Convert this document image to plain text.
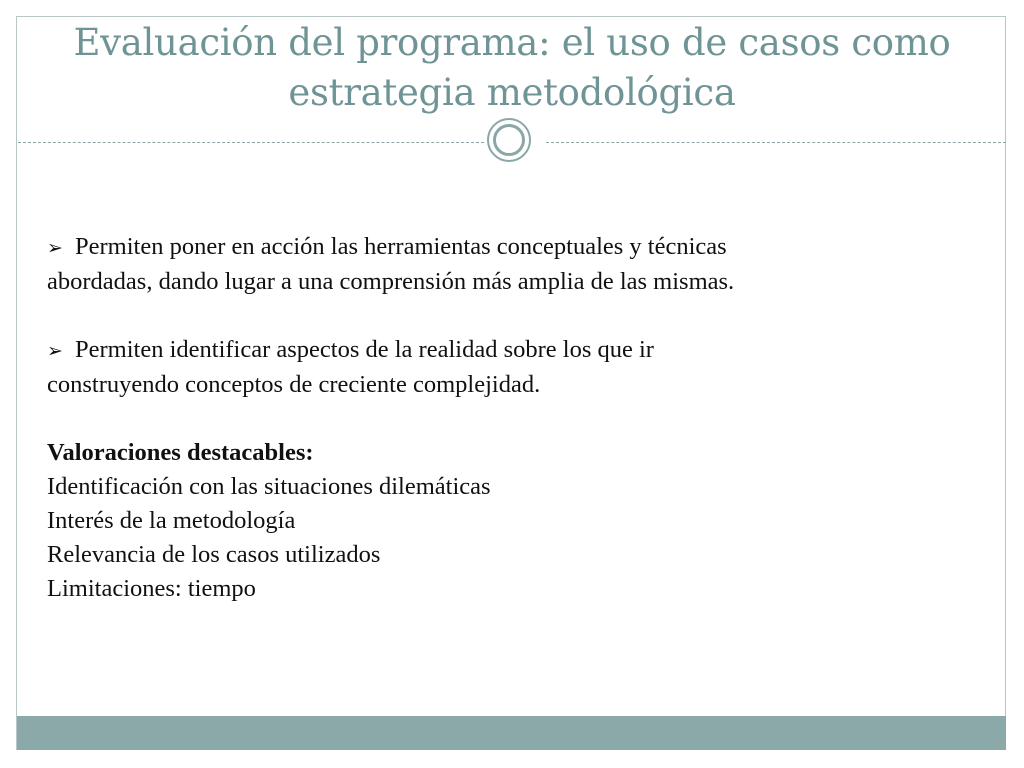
Evaluación del programa: el uso de casos como
estrategia metodológica

➢ Permiten poner en acción las herramientas conceptuales y técnicas
abordadas, dando lugar a una comprensión más amplia de las mismas.

➢ Permiten identificar aspectos de la realidad sobre los que ir
construyendo conceptos de creciente complejidad.

Valoraciones destacables:

Identificación con las situaciones dilemáticas

Interés de la metodología

Relevancia de los casos utilizados

Limitaciones: tiempo
